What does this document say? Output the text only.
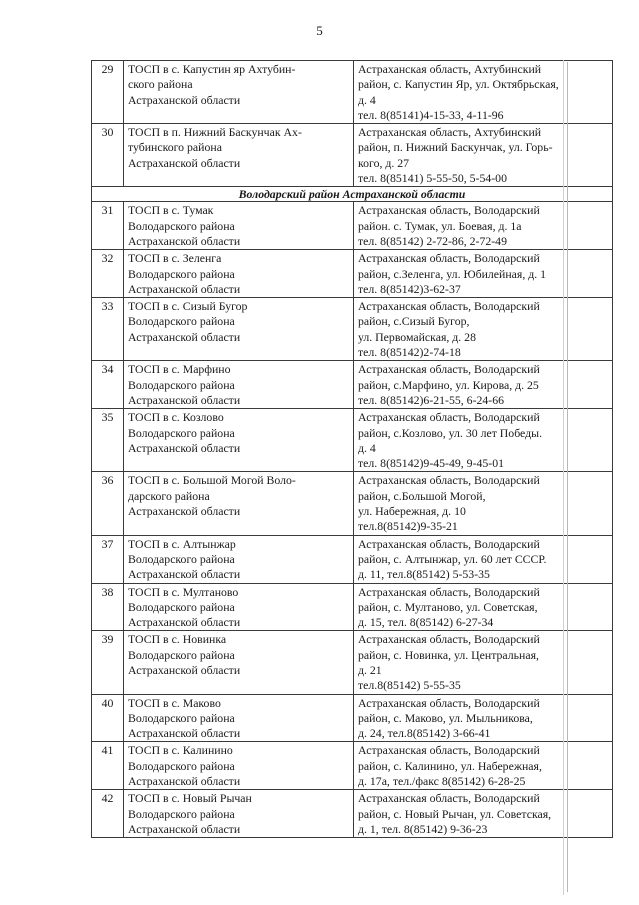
5
29	ТОСП в с. Капустин яр Ахтубин-
ского района
Астраханской области	Астраханская область, Ахтубинский
район, с. Капустин Яр, ул. Октябрьская,
д. 4
тел. 8(85141)4-15-33, 4-11-96

30	ТОСП в п. Нижний Баскунчак Ах-
тубинского района
Астраханской области	Астраханская область, Ахтубинский
район, п. Нижний Баскунчак, ул. Горь-
кого, д. 27
тел. 8(85141) 5-55-50, 5-54-00

Володарский район Астраханской области		
31	ТОСП в с. Тумак
Володарского района
Астраханской области	Астраханская область, Володарский
район. с. Тумак, ул. Боевая, д. 1а
тел. 8(85142) 2-72-86, 2-72-49

32	ТОСП в с. Зеленга
Володарского района
Астраханской области	Астраханская область, Володарский
район, с.Зеленга, ул. Юбилейная, д. 1
тел. 8(85142)3-62-37

33	ТОСП в с. Сизый Бугор
Володарского района
Астраханской области	Астраханская область, Володарский
район, с.Сизый Бугор,
ул. Первомайская, д. 28
тел. 8(85142)2-74-18

34	ТОСП в с. Марфино
Володарского района
Астраханской области	Астраханская область, Володарский
район, с.Марфино, ул. Кирова, д. 25
тел. 8(85142)6-21-55, 6-24-66

35	ТОСП в с. Козлово
Володарского района
Астраханской области	Астраханская область, Володарский
район, с.Козлово, ул. 30 лет Победы.
д. 4
тел. 8(85142)9-45-49, 9-45-01

36	ТОСП в с. Большой Могой Воло-
дарского района
Астраханской области	Астраханская область, Володарский
район, с.Большой Могой,
ул. Набережная, д. 10
тел.8(85142)9-35-21

37	ТОСП в с. Алтынжар
Володарского района
Астраханской области	Астраханская область, Володарский
район, с. Алтынжар, ул. 60 лет СССР.
д. 11, тел.8(85142) 5-53-35

38	ТОСП в с. Мултаново
Володарского района
Астраханской области	Астраханская область, Володарский
район, с. Мултаново, ул. Советская,
д. 15, тел. 8(85142) 6-27-34

39	ТОСП в с. Новинка
Володарского района
Астраханской области	Астраханская область, Володарский
район, с. Новинка, ул. Центральная,
д. 21
тел.8(85142) 5-55-35

40	ТОСП в с. Маково
Володарского района
Астраханской области	Астраханская область, Володарский
район, с. Маково, ул. Мыльникова,
д. 24, тел.8(85142) 3-66-41

41	ТОСП в с. Калинино
Володарского района
Астраханской области	Астраханская область, Володарский
район, с. Калинино, ул. Набережная,
д. 17а, тел./факс 8(85142) 6-28-25

42	ТОСП в с. Новый Рычан
Володарского района
Астраханской области	Астраханская область, Володарский
район, с. Новый Рычан, ул. Советская,
д. 1, тел. 8(85142) 9-36-23
